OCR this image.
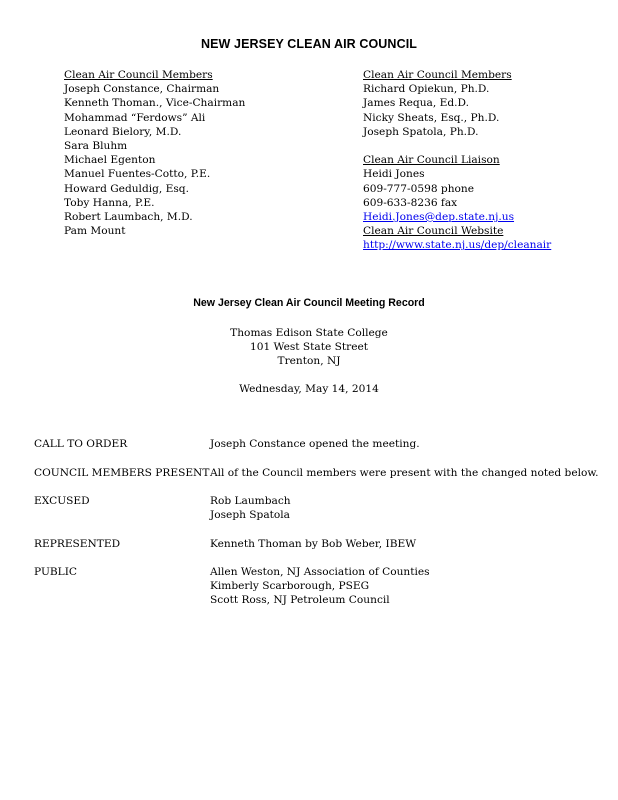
NEW JERSEY CLEAN AIR COUNCIL
Clean Air Council Members
Joseph Constance, Chairman
Kenneth Thoman., Vice-Chairman
Mohammad “Ferdows” Ali
Leonard Bielory, M.D.
Sara Bluhm
Michael Egenton
Manuel Fuentes-Cotto, P.E.
Howard Geduldig, Esq.
Toby Hanna, P.E.
Robert Laumbach, M.D.
Pam Mount
Clean Air Council Members
Richard Opiekun, Ph.D.
James Requa, Ed.D.
Nicky Sheats, Esq., Ph.D.
Joseph Spatola, Ph.D.
Clean Air Council Liaison
Heidi Jones
609-777-0598 phone
609-633-8236 fax
Heidi.Jones@dep.state.nj.us
Clean Air Council Website
http://www.state.nj.us/dep/cleanair
New Jersey Clean Air Council Meeting Record
Thomas Edison State College
101 West State Street
Trenton, NJ
Wednesday, May 14, 2014
CALL TO ORDER	Joseph Constance opened the meeting.
COUNCIL MEMBERS PRESENT All of the Council members were present with the changed noted below.
EXCUSED	Rob Laumbach
Joseph Spatola
REPRESENTED	Kenneth Thoman by Bob Weber, IBEW
PUBLIC	Allen Weston, NJ Association of Counties
Kimberly Scarborough, PSEG
Scott Ross, NJ Petroleum Council
